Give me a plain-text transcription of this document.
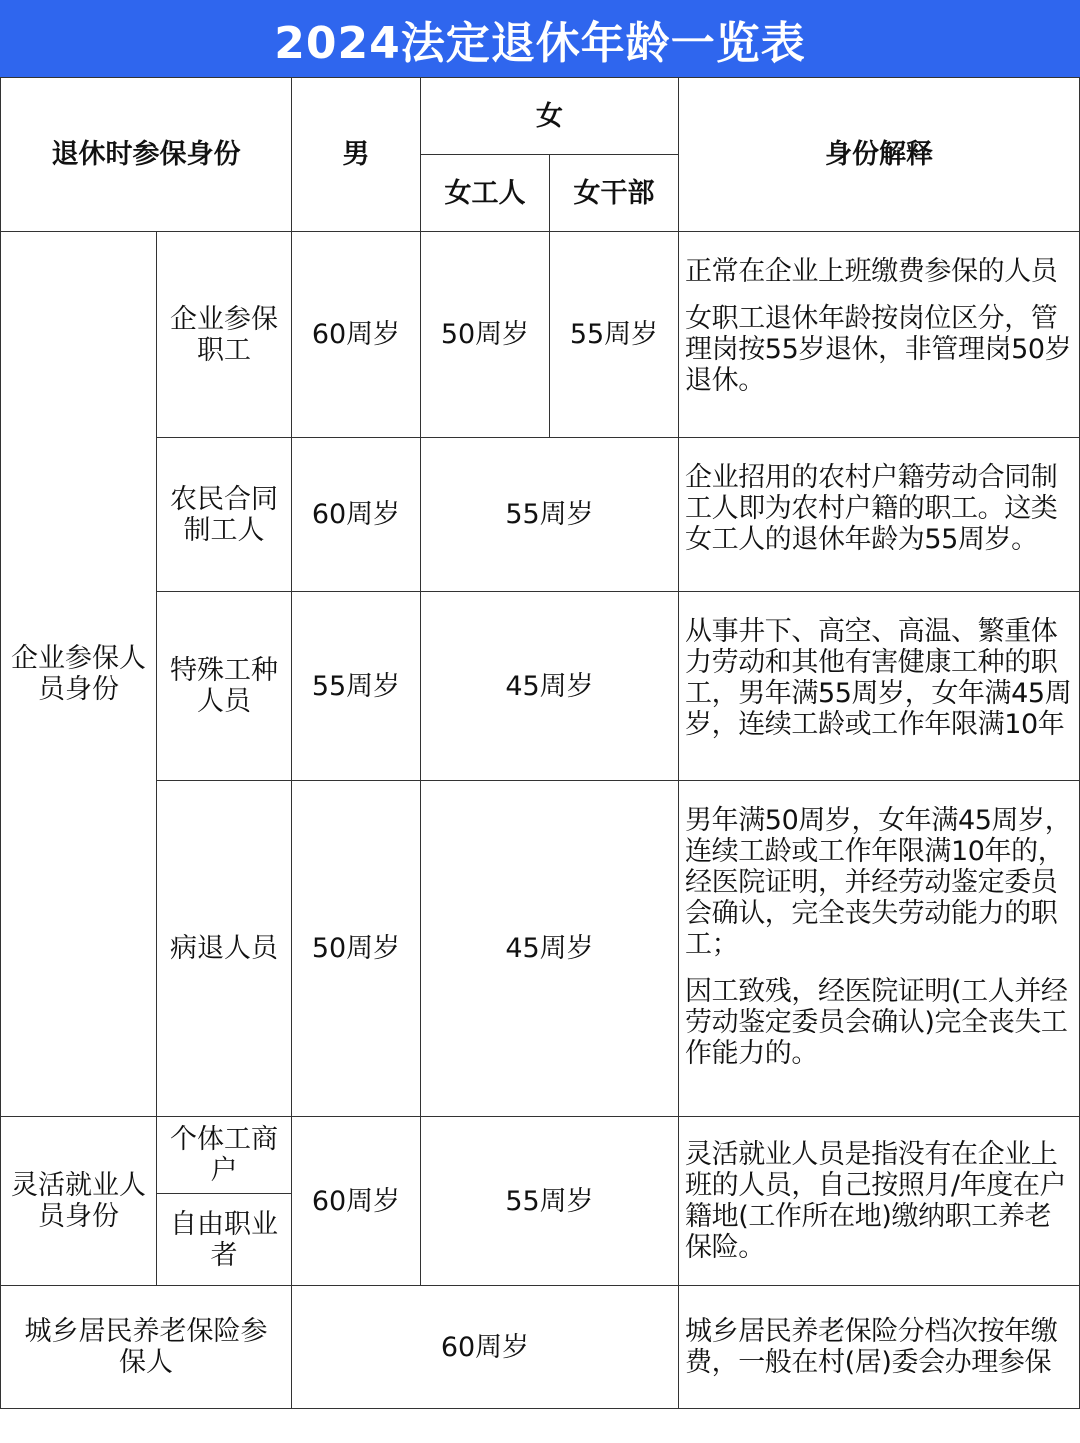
2024法定退休年龄一览表
退休时参保身份		男	女		身份解释
			女工人	女干部	
企业参保人员身份	企业参保职工	60周岁	50周岁	55周岁	正常在企业上班缴费参保的人员

女职工退休年龄按岗位区分，管理岗按55岁退休，非管理岗50岁退休。

	农民合同制工人	60周岁	55周岁		企业招用的农村户籍劳动合同制工人即为农村户籍的职工。这类女工人的退休年龄为55周岁。

	特殊工种人员	55周岁	45周岁		从事井下、高空、高温、繁重体力劳动和其他有害健康工种的职工，男年满55周岁，女年满45周岁，连续工龄或工作年限满10年

	病退人员	50周岁	45周岁		男年满50周岁，女年满45周岁，连续工龄或工作年限满10年的，经医院证明，并经劳动鉴定委员会确认，完全丧失劳动能力的职工；

因工致残，经医院证明(工人并经劳动鉴定委员会确认)完全丧失工作能力的。

灵活就业人员身份	个体工商户	60周岁	55周岁		灵活就业人员是指没有在企业上班的人员，自己按照月/年度在户籍地(工作所在地)缴纳职工养老保险。

	自由职业者				
城乡居民养老保险参保人		60周岁			城乡居民养老保险分档次按年缴费，一般在村(居)委会办理参保
